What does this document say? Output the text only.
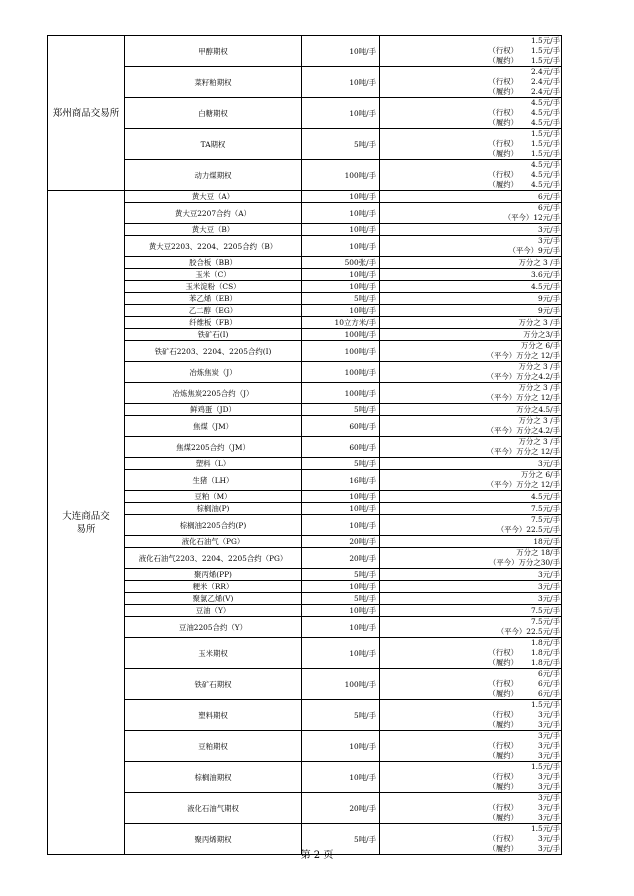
郑州商品交易所	甲醇期权	10吨/手	1.5元/手
（行权） 1.5元/手
（履约） 1.5元/手

	菜籽粕期权	10吨/手	2.4元/手
（行权） 2.4元/手
（履约） 2.4元/手

	白糖期权	10吨/手	4.5元/手
（行权） 4.5元/手
（履约） 4.5元/手

	TA期权	5吨/手	1.5元/手
（行权） 1.5元/手
（履约） 1.5元/手

	动力煤期权	100吨/手	4.5元/手
（行权） 4.5元/手
（履约） 4.5元/手

大连商品交易所	黄大豆（A）	10吨/手	6元/手

	黄大豆2207合约（A）	10吨/手	6元/手
（平今）12元/手

	黄大豆（B）	10吨/手	3元/手

	黄大豆2203、2204、2205合约（B）	10吨/手	3元/手
（平今）9元/手

	胶合板（BB）	500张/手	万分之 3 /手

	玉米（C）	10吨/手	3.6元/手

	玉米淀粉（CS）	10吨/手	4.5元/手

	苯乙烯（EB）	5吨/手	9元/手

	乙二醇（EG）	10吨/手	9元/手

	纤维板（FB）	10立方米/手	万分之 3 /手

	铁矿石(I)	100吨/手	万分之3/手

	铁矿石2203、2204、2205合约(I)	100吨/手	万分之 6/手
（平今）万分之 12/手

	冶炼焦炭（J）	100吨/手	万分之 3 /手
（平今）万分之4.2/手

	冶炼焦炭2205合约（J）	100吨/手	万分之 3 /手
（平今）万分之 12/手

	鲜鸡蛋（JD）	5吨/手	万分之4.5/手

	焦煤（JM）	60吨/手	万分之 3 /手
（平今）万分之4.2/手

	焦煤2205合约（JM）	60吨/手	万分之 3 /手
（平今）万分之 12/手

	塑料（L）	5吨/手	3元/手

	生猪（LH）	16吨/手	万分之 6/手
（平今）万分之 12/手

	豆粕（M）	10吨/手	4.5元/手

	棕榈油(P)	10吨/手	7.5元/手

	棕榈油2205合约(P)	10吨/手	7.5元/手
（平今）22.5元/手

	液化石油气（PG）	20吨/手	18元/手

	液化石油气2203、2204、2205合约（PG）	20吨/手	万分之 18/手
（平今）万分之30/手

	聚丙烯(PP)	5吨/手	3元/手

	粳米（RR）	10吨/手	3元/手

	聚氯乙烯(V)	5吨/手	3元/手

	豆油（Y）	10吨/手	7.5元/手

	豆油2205合约（Y）	10吨/手	7.5元/手
（平今）22.5元/手

	玉米期权	10吨/手	1.8元/手
（行权） 1.8元/手
（履约） 1.8元/手

	铁矿石期权	100吨/手	6元/手
（行权） 6元/手
（履约） 6元/手

	塑料期权	5吨/手	1.5元/手
（行权） 3元/手
（履约） 3元/手

	豆粕期权	10吨/手	3元/手
（行权） 3元/手
（履约） 3元/手

	棕榈油期权	10吨/手	1.5元/手
（行权） 3元/手
（履约） 3元/手

	液化石油气期权	20吨/手	3元/手
（行权） 3元/手
（履约） 3元/手

	聚丙烯期权	5吨/手	1.5元/手
（行权） 3元/手
（履约） 3元/手
第 2 页
